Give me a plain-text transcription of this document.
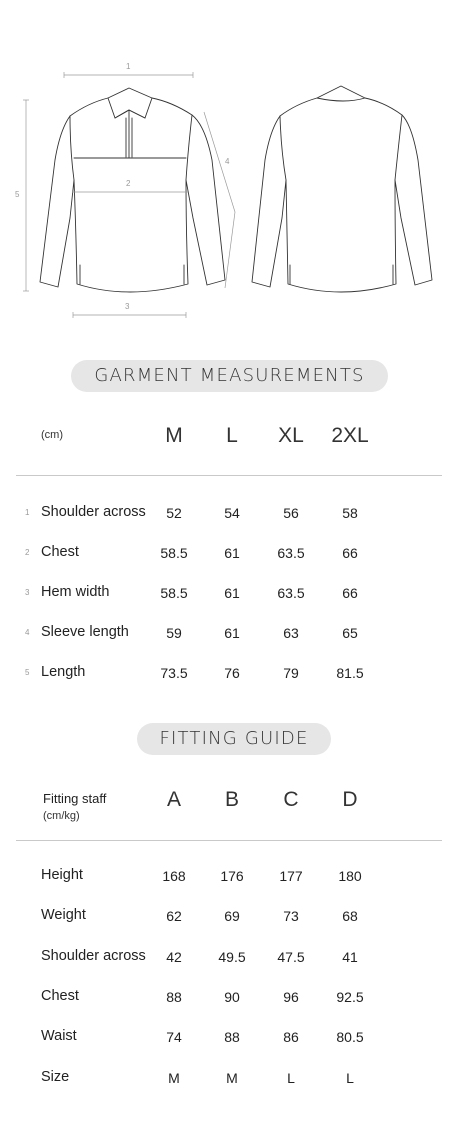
1
2
3
4
5
GARMENT MEASUREMENTS
(cm)	M	L	XL	2XL
1 Shoulder across	52	54	56	58
2 Chest	58.5	61	63.5	66
3 Hem width	58.5	61	63.5	66
4 Sleeve length	59	61	63	65
5 Length	73.5	76	79	81.5
FITTING GUIDE
Fitting staff
(cm/kg)
A	B	C	D
Height	168	176	177	180
Weight	62	69	73	68
Shoulder across	42	49.5	47.5	41
Chest	88	90	96	92.5
Waist	74	88	86	80.5
Size	M	M	L	L
